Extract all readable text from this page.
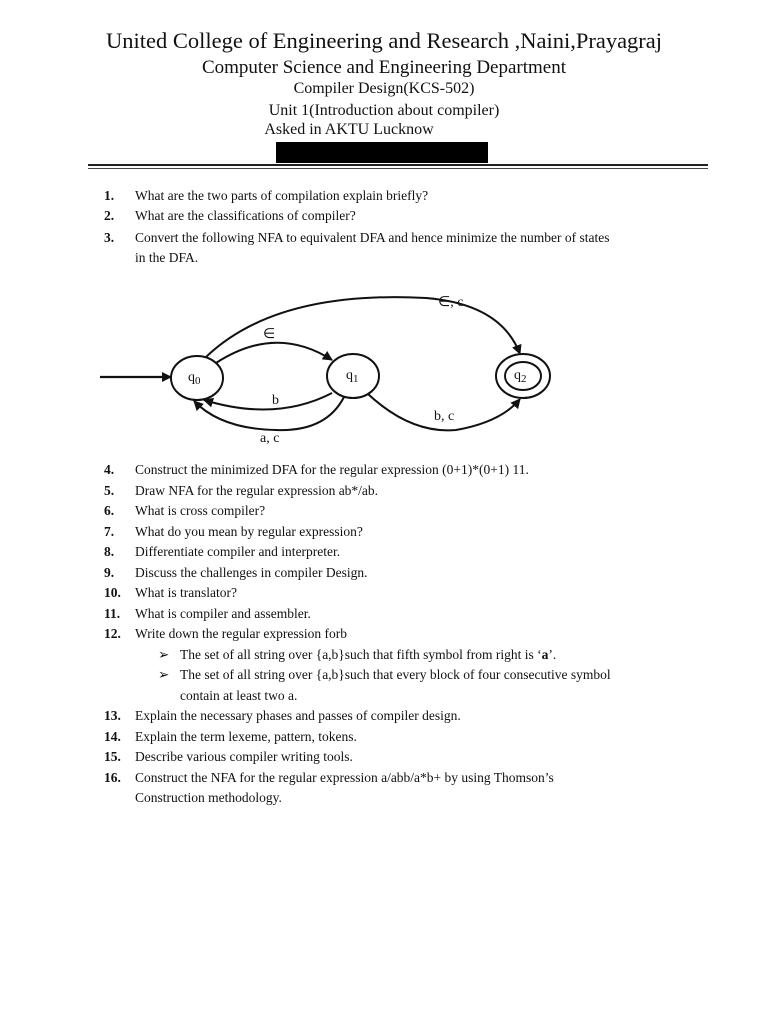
United College of Engineering and Research ,Naini,Prayagraj
Computer Science and Engineering Department
Compiler Design(KCS-502)
Unit 1(Introduction about compiler)
Asked in AKTU Lucknow
1. What are the two parts of compilation explain briefly?
2. What are the classifications of compiler?
3. Convert the following NFA to equivalent DFA and hence minimize the number of states
in the DFA.
$q_0$	$q_1$	$q_2$
∈
b
∈, c
b, c
a, c
4. Construct the minimized DFA for the regular expression (0+1)*(0+1) 11.
5. Draw NFA for the regular expression ab*/ab.
6. What is cross compiler?
7. What do you mean by regular expression?
8. Differentiate compiler and interpreter.
9. Discuss the challenges in compiler Design.
10. What is translator?
11. What is compiler and assembler.
12. Write down the regular expression forb
➢ The set of all string over {a,b}such that fifth symbol from right is ‘a’.
➢ The set of all string over {a,b}such that every block of four consecutive symbol
contain at least two a.
13. Explain the necessary phases and passes of compiler design.
14. Explain the term lexeme, pattern, tokens.
15. Describe various compiler writing tools.
16. Construct the NFA for the regular expression a/abb/a*b+ by using Thomson’s
Construction methodology.
